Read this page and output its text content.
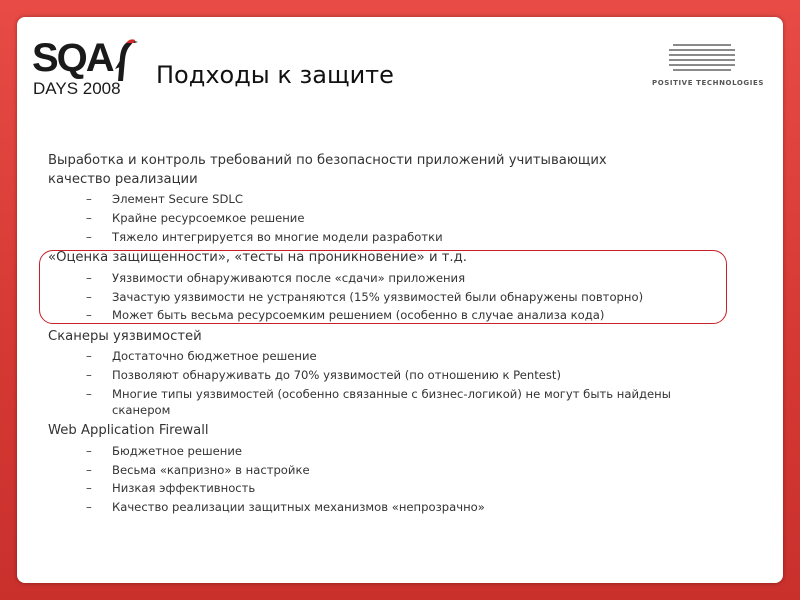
SQA
DAYS 2008 Подходы к защите	POSITIVE TECHNOLOGIES
Выработка и контроль требований по безопасности приложений учитывающих
качество реализации
– Элемент Secure SDLC
– Крайне ресурсоемкое решение
– Тяжело интегрируется во многие модели разработки
«Оценка защищенности», «тесты на проникновение» и т.д.
– Уязвимости обнаруживаются после «сдачи» приложения
– Зачастую уязвимости не устраняются (15% уязвимостей были обнаружены повторно)
– Может быть весьма ресурсоемким решением (особенно в случае анализа кода)
Сканеры уязвимостей
– Достаточно бюджетное решение
– Позволяют обнаруживать до 70% уязвимостей (по отношению к Pentest)
– Многие типы уязвимостей (особенно связанные с бизнес-логикой) не могут быть найдены
сканером
Web Application Firewall
– Бюджетное решение
– Весьма «капризно» в настройке
– Низкая эффективность
– Качество реализации защитных механизмов «непрозрачно»
